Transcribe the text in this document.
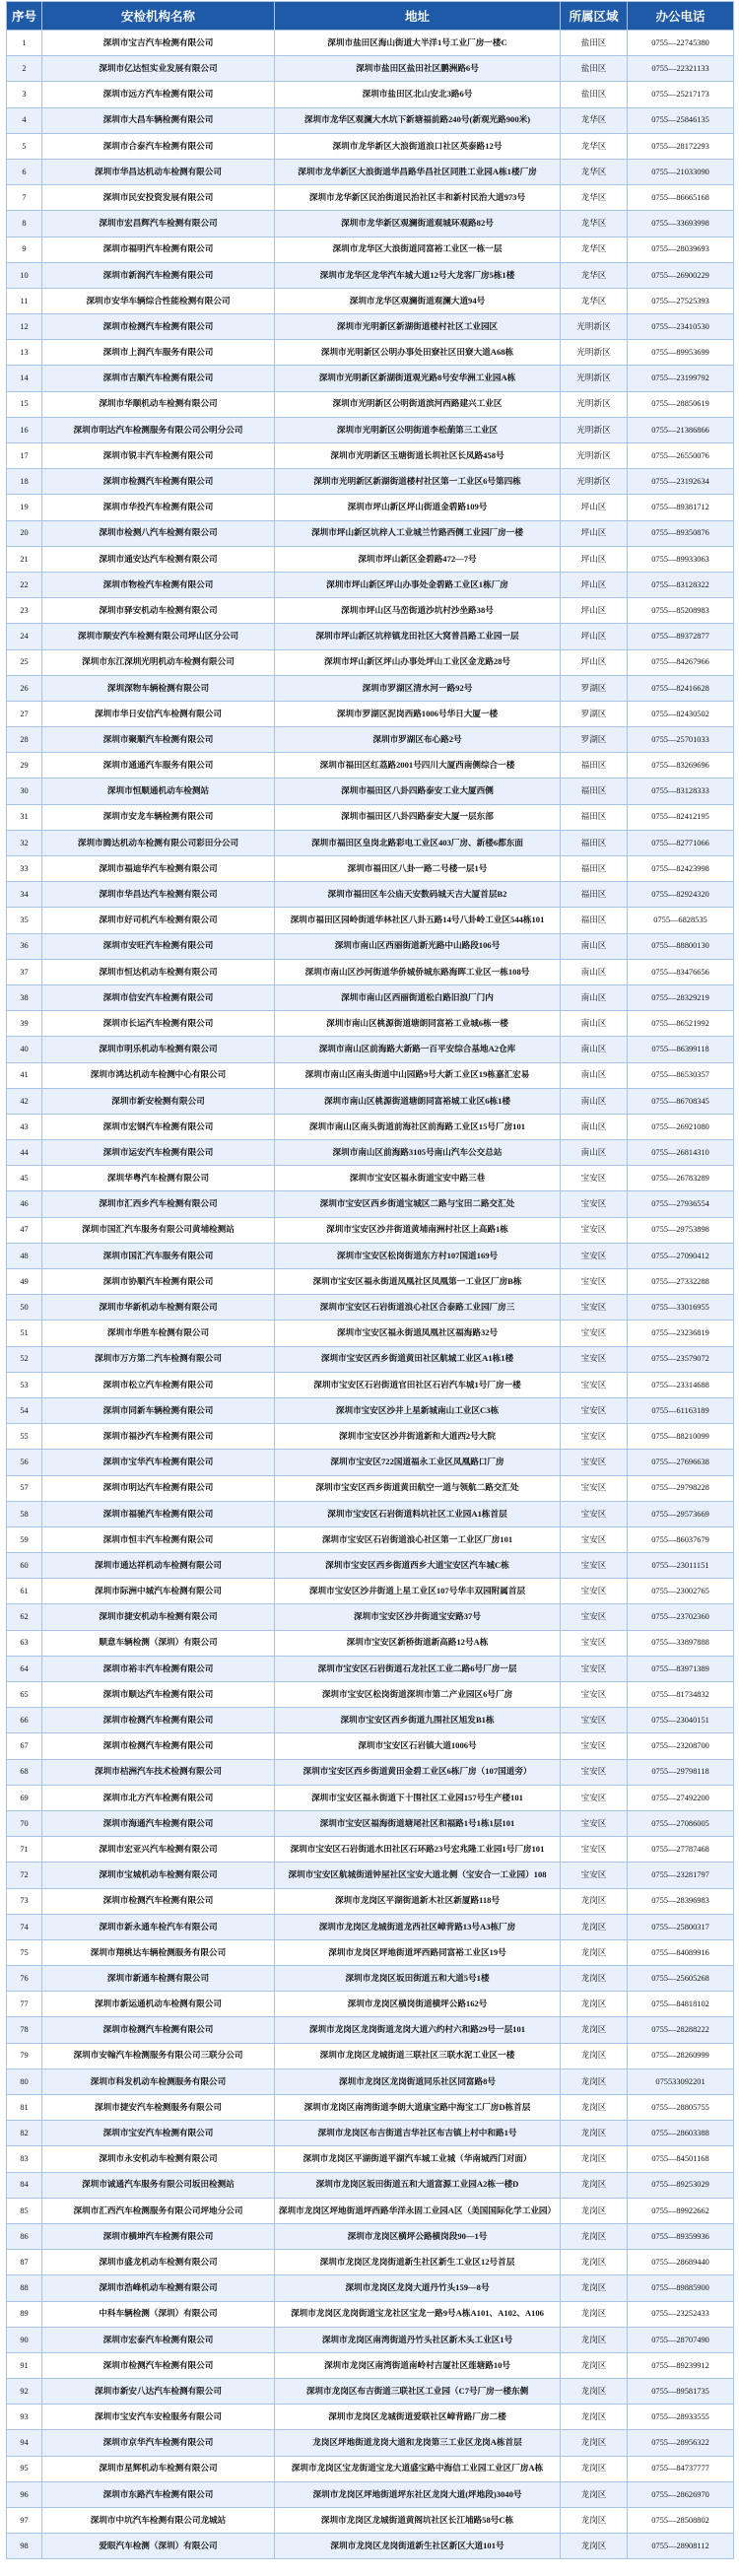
序号	安检机构名称	地址	所属区域	办公电话
1	深圳市宝吉汽车检测有限公司	深圳市盐田区海山街道大半洋1号工业厂房一楼C	盐田区	0755—22745380
2	深圳市亿达恒实业发展有限公司	深圳市盐田区盐田社区鹏洲路6号	盐田区	0755—22321133
3	深圳市远方汽车检测有限公司	深圳市盐田区北山安北3路6号	盐田区	0755—25217173
4	深圳市大昌车辆检测有限公司	深圳市龙华区观澜大水坑下新塘福前路240号(新观光路900米)	龙华区	0755—25846135
5	深圳市合泰汽车检测有限公司	深圳市龙华新区大浪街道浪口社区英泰路12号	龙华区	0755—28172293
6	深圳市华昌达机动车检测有限公司	深圳市龙华新区大浪街道华昌路华昌社区同胜工业园A栋1楼厂房	龙华区	0755—21033090
7	深圳市民安投资发展有限公司	深圳市龙华新区民治街道民治社区丰和新村民治大道973号	龙华区	0755—86665168
8	深圳市宏昌辉汽车检测有限公司	深圳市龙华新区观澜街道观城环观路82号	龙华区	0755—33693998
9	深圳市福明汽车检测有限公司	深圳市龙华区大浪街道同富裕工业区一栋一层	龙华区	0755—28039693
10	深圳市新润汽车检测有限公司	深圳市龙华区龙华汽车城大道12号大龙客厂房5栋1楼	龙华区	0755—26900229
11	深圳市安华车辆综合性能检测有限公司	深圳市龙华区观澜街道观澜大道94号	龙华区	0755—27525393
12	深圳市检测汽车检测有限公司	深圳市光明新区新湖街道楼村社区工业园区	光明新区	0755—23410530
13	深圳市上润汽车服务有限公司	深圳市光明新区公明办事处田寮社区田寮大道A68栋	光明新区	0755—89953699
14	深圳市吉顺汽车检测有限公司	深圳市光明新区新湖街道观光路8号安华洲工业园A栋	光明新区	0755—23199792
15	深圳市华顺机动车检测有限公司	深圳市光明新区公明街道滨河西路建兴工业区	光明新区	0755—28850619
16	深圳市明达汽车检测服务有限公司公明分公司	深圳市光明新区公明街道李松蓢第三工业区	光明新区	0755—21386866
17	深圳市锐丰汽车检测有限公司	深圳市光明新区玉塘街道长圳社区长凤路458号	光明新区	0755—26550076
18	深圳市检测汽车检测有限公司	深圳市光明新区新湖街道楼村社区第一工业区6号第四栋	光明新区	0755—23192634
19	深圳市华投汽车检测有限公司	深圳市坪山新区坪山街道金碧路109号	坪山区	0755—89381712
20	深圳市检测八汽车检测有限公司	深圳市坪山新区坑梓人工业城兰竹路西侧工业园厂房一楼	坪山区	0755—89350876
21	深圳市通安达汽车检测有限公司	深圳市坪山新区金碧路472—7号	坪山区	0755—89933063
22	深圳市物检汽车检测有限公司	深圳市坪山新区坪山办事处金碧路工业区1栋厂房	坪山区	0755—83128322
23	深圳市驿安机动车检测有限公司	深圳市坪山区马峦街道沙坑村沙坐路38号	坪山区	0755—85208983
24	深圳市顺安汽车检测有限公司坪山区分公司	深圳市坪山新区坑梓镇龙田社区大窝普昌路工业园一层	坪山区	0755—89372877
25	深圳市东江深圳光明机动车检测有限公司	深圳市坪山新区坪山办事处坪山工业区金龙路28号	坪山区	0755—84267966
26	深圳深物车辆检测有限公司	深圳市罗湖区清水河一路92号	罗湖区	0755—82416628
27	深圳市华日安信汽车检测有限公司	深圳市罗湖区泥岗西路1006号华日大厦一楼	罗湖区	0755—82430502
28	深圳市聚顺汽车检测有限公司	深圳市罗湖区布心路2号	罗湖区	0755—25701033
29	深圳市通通汽车服务有限公司	深圳市福田区红荔路2001号四川大厦西南侧综合一楼	福田区	0755—83269696
30	深圳市恒顺通机动车检测站	深圳市福田区八卦四路泰安工业大厦西侧	福田区	0755—83128333
31	深圳市安龙车辆检测有限公司	深圳市福田区八卦四路泰安大厦一层东部	福田区	0755—82412195
32	深圳市腾达机动车检测有限公司彩田分公司	深圳市福田区皇岗北路彩电工业区403厂房、新楼6都东面	福田区	0755—82771066
33	深圳市福迪华汽车检测有限公司	深圳市福田区八卦一路二号楼一层1号	福田区	0755—82423998
34	深圳市华昌达汽车检测有限公司	深圳市福田区车公庙天安数码城天吉大厦首层B2	福田区	0755—82924320
35	深圳市好司机汽车检测有限公司	深圳市福田区园岭街道华林社区八卦五路14号八卦岭工业区544栋101	福田区	0755—6828535
36	深圳市安旺汽车检测有限公司	深圳市南山区西丽街道新光路中山路段106号	南山区	0755—88800130
37	深圳市恒达机动车检测有限公司	深圳市南山区沙河街道华侨城侨城东路海晖工业区一栋108号	南山区	0755—83476656
38	深圳市信安汽车检测有限公司	深圳市南山区西丽街道松白路旧浪厂门内	南山区	0755—28329219
39	深圳市长运汽车检测有限公司	深圳市南山区桃源街道塘朗同富裕工业城6栋一楼	南山区	0755—86521992
40	深圳市明乐机动车检测有限公司	深圳市南山区前海路大新路一百平安综合基地A2仓库	南山区	0755—86399118
41	深圳市鸿达机动车检测中心有限公司	深圳市南山区南头街道中山园路9号大新工业区19栋嘉汇宏易	南山区	0755—86530357
42	深圳市新安检测有限公司	深圳市南山区桃源街道塘朗同富裕城工业区6栋1楼	南山区	0755—86708345
43	深圳市宏钢汽车检测有限公司	深圳市南山区南头街道前海社区前海路工业区15号厂房101	南山区	0755—26921080
44	深圳市运安汽车检测有限公司	深圳市南山区前海路3105号南山汽车公交总站	南山区	0755—26814310
45	深圳华粤汽车检测有限公司	深圳市宝安区福永街道宝安中路三巷	宝安区	0755—26783289
46	深圳市汇西乡汽车检测有限公司	深圳市宝安区西乡街道宝城区二路与宝田二路交汇处	宝安区	0755—27936554
47	深圳市国汇汽车服务有限公司黄埔检测站	深圳市宝安区沙井街道黄埔南洲村社区上高路1栋	宝安区	0755—29753898
48	深圳市国汇汽车服务有限公司	深圳市宝安区松岗街道东方村107国道169号	宝安区	0755—27090412
49	深圳市协顺汽车检测有限公司	深圳市宝安区福永街道凤凰社区凤凰第一工业区厂房B栋	宝安区	0755—27332288
50	深圳市华新机动车检测有限公司	深圳市宝安区石岩街道浪心社区合泰路工业园厂房三	宝安区	0755—33016955
51	深圳市华胜车检测有限公司	深圳市宝安区福永街道凤凰社区福海路32号	宝安区	0755—23236819
52	深圳市万方第二汽车检测有限公司	深圳市宝安区西乡街道黄田社区航城工业区A1栋1楼	宝安区	0755—23579072
53	深圳市松立汽车检测有限公司	深圳市宝安区石岩街道官田社区石岩汽车城1号厂房一楼	宝安区	0755—23314688
54	深圳市同新车辆检测有限公司	深圳市宝安区沙井上星新城南山工业区C3栋	宝安区	0755—61163189
55	深圳市福沙汽车检测有限公司	深圳市宝安区沙井街道新和大道西2号大院	宝安区	0755—88210099
56	深圳市宝华汽车检测有限公司	深圳市宝安区722国道福永工业区凤凰路口厂房	宝安区	0755—27696638
57	深圳市明达汽车检测有限公司	深圳市宝安区西乡街道黄田航空一道与领航二路交汇处	宝安区	0755—29798228
58	深圳市福驰汽车检测有限公司	深圳市宝安区石岩街道料坑社区工业园A1栋首层	宝安区	0755—29573669
59	深圳市恒丰汽车检测有限公司	深圳市宝安区石岩街道浪心社区第一工业区厂房101	宝安区	0755—86037679
60	深圳市通达祥机动车检测有限公司	深圳市宝安区西乡街道西乡大道宝安区汽车城C栋	宝安区	0755—23011151
61	深圳市际洲中城汽车检测有限公司	深圳市宝安区沙井街道上星工业区107号华丰双园附属首层	宝安区	0755—23002765
62	深圳市捷安机动车检测有限公司	深圳市宝安区沙井街道宝安路37号	宝安区	0755—23702360
63	顺意车辆检测（深圳）有限公司	深圳市宝安区新桥街道新高路12号A栋	宝安区	0755—33897888
64	深圳市裕丰汽车检测有限公司	深圳市宝安区石岩街道石龙社区工业二路6号厂房一层	宝安区	0755—83971389
65	深圳市顺达汽车检测有限公司	深圳市宝安区松岗街道深圳市第二产业园区6号厂房	宝安区	0755—81734832
66	深圳市检测汽车检测有限公司	深圳市宝安区西乡街道九围社区旭发B1栋	宝安区	0755—23040151
67	深圳市检测汽车检测有限公司	深圳市宝安区石岩镇大道1006号	宝安区	0755—23208700
68	深圳市桔洲汽车技术检测有限公司	深圳市宝安区西乡街道黄田金碧工业区6栋厂房（107国道旁）	宝安区	0755—29798118
69	深圳市北方汽车检测有限公司	深圳市宝安区福永街道下十围社区工业园157号生产楼101	宝安区	0755—27492200
70	深圳市海通汽车检测有限公司	深圳市宝安区福海街道塘尾社区和福路1号1栋1层101	宝安区	0755—27086005
71	深圳市宏亚兴汽车检测有限公司	深圳市宝安区石岩街道水田社区石环路23号宏兆隆工业园1号厂房101	宝安区	0755—27787468
72	深圳市宝城机动车检测有限公司	深圳市宝安区航城街道钟屋社区宝安大道北侧（宝安合一工业园）108	宝安区	0755—23281797
73	深圳市检测汽车检测有限公司	深圳市龙岗区平湖街道新木社区新厦路118号	龙岗区	0755—28396983
74	深圳市新永通车检汽车有限公司	深圳市龙岗区龙城街道龙西社区嶂背路13号A3栋厂房	龙岗区	0755—25800317
75	深圳市翔桃达车辆检测服务有限公司	深圳市龙岗区坪地街道坪西路同富裕工业区19号	龙岗区	0755—84089916
76	深圳市新通车检测有限公司	深圳市龙岗区坂田街道五和大道5号1楼	龙岗区	0755—25605268
77	深圳市新运通机动车检测有限公司	深圳市龙岗区横岗街道横坪公路162号	龙岗区	0755—84818102
78	深圳市检测汽车检测有限公司	深圳市龙岗区龙岗街道龙岗大道六约村六和路29号一层101	龙岗区	0755—28288222
79	深圳市安翰汽车检测服务有限公司三联分公司	深圳市龙岗区龙城街道三联社区三联水泥工业区一楼	龙岗区	0755—28260999
80	深圳市科发机动车检测服务有限公司	深圳市龙岗区龙岗街道同乐社区同富路8号	龙岗区	075533092201
81	深圳市捷安汽车检测服务有限公司	深圳市龙岗区南湾街道李朗大道康宝路中海宝工厂房D栋首层	龙岗区	0755—28805755
82	深圳市宝安汽车检测有限公司	深圳市龙岗区布吉街道吉华社区布吉镇上村中和路1号	龙岗区	0755—28603388
83	深圳市永安机动车检测有限公司	深圳市龙岗区平湖街道平湖汽车城工业城（华南城西门对面）	龙岗区	0755—84501168
84	深圳市诚通汽车服务有限公司坂田检测站	深圳市龙岗区坂田街道五和大道富源工业园A2栋一楼D	龙岗区	0755—89253029
85	深圳市汇西汽车检测服务有限公司坪地分公司	深圳市龙岗区坪地街道坪西路华洋永固工业园A区（美国国际化学工业园）	龙岗区	0755—89922662
86	深圳市横坤汽车检测有限公司	深圳市龙岗区横坪公路横岗段90—1号	龙岗区	0755—89359936
87	深圳市盛龙机动车检测有限公司	深圳市龙岗区龙岗街道新生社区新生工业区12号首层	龙岗区	0755—28689440
88	深圳市浩峰机动车检测有限公司	深圳市龙岗区龙岗大道丹竹头159—8号	龙岗区	0755—89885900
89	中科车辆检测（深圳）有限公司	深圳市龙岗区龙岗街道宝龙社区宝龙一路9号A栋A101、A102、A106	龙岗区	0755—23252433
90	深圳市宏泰汽车检测有限公司	深圳市龙岗区南湾街道丹竹头社区新木头工业区1号	龙岗区	0755—28707490
91	深圳市检测汽车检测有限公司	深圳市龙岗区南湾街道南岭村吉厦社区莲塘路10号	龙岗区	0755—89239912
92	深圳市新安八达汽车检测有限公司	深圳市龙岗区布吉街道三联社区工业园（C7号厂房一楼东侧	龙岗区	0755—89581735
93	深圳市宝安汽车安检服务有限公司	深圳市龙岗区龙城街道爱联社区嶂背路厂房二楼	龙岗区	0755—28933555
94	深圳市京华汽车检测有限公司	龙岗区坪地街道龙岗大道和龙岗第三工业区龙岗A栋首层	龙岗区	0755—28956322
95	深圳市星辉机动车检测有限公司	深圳市龙岗区宝龙街道宝龙大道盛宝路中海信工业园工业区厂房A栋	龙岗区	0755—84737777
96	深圳市东路汽车检测有限公司	深圳市龙岗区坪地街道坪东社区龙岗大道(坪地段)3040号	龙岗区	0755—28626970
97	深圳市中坑汽车检测有限公司龙城站	深圳市龙岗区龙城街道黄阁坑社区长江埔路58号C栋	龙岗区	0755—28508802
98	爱眼汽车检测（深圳）有限公司	深圳市龙岗区龙岗街道新生社区新区大道101号	龙岗区	0755—28908112
